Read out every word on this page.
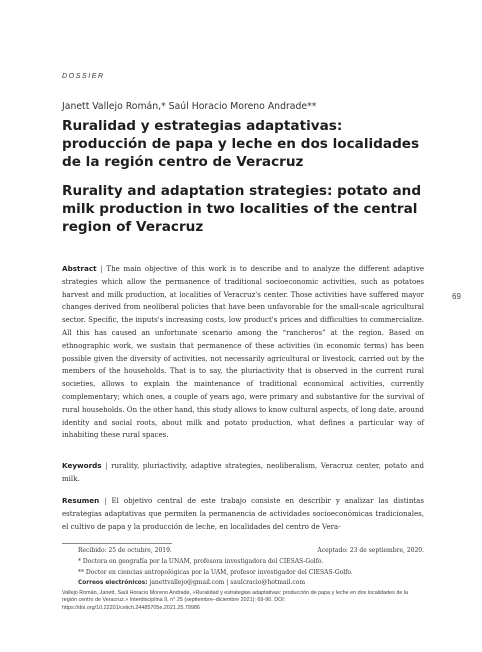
DOSSIER
Janett Vallejo Román,* Saúl Horacio Moreno Andrade**
Ruralidad y estrategias adaptativas: producción de papa y leche en dos localidades de la región centro de Veracruz
Rurality and adaptation strategies: potato and milk production in two localities of the central region of Veracruz
69

Abstract | The main objective of this work is to describe and to analyze the different adaptive strategies which allow the permanence of traditional socioeconomic activities, such as potatoes harvest and milk production, at localities of Veracruz's center. Those activities have suffered mayor changes derived from neoliberal policies that have been unfavorable for the small-scale agricultural sector. Specific, the inputs's increasing costs, low product's prices and difficulties to commercialize. All this has caused an unfortunate scenario among the “rancheros” at the region. Based on ethnographic work, we sustain that permanence of these activities (in economic terms) has been possible given the diversity of activities, not necessarily agricultural or livestock, carried out by the members of the households. That is to say, the pluriactivity that is observed in the current rural societies, allows to explain the maintenance of traditional economical activities, currently complementary; which ones, a couple of years ago, were primary and substantive for the survival of rural households. On the other hand, this study allows to know cultural aspects, of long date, around identity and social roots, about milk and potato production, what defines a particular way of inhabiting these rural spaces.

Keywords | rurality, pluriactivity, adaptive strategies, neoliberalism, Veracruz center, potato and milk.

Resumen | El objetivo central de este trabajo consiste en describir y analizar las distintas estrategias adaptativas que permiten la permanencia de actividades socioeconómicas tradicionales, el cultivo de papa y la producción de leche, en localidades del centro de Vera-

Recibido: 25 de octubre, 2019.	Aceptado: 23 de septiembre, 2020.
* Doctora en geografía por la UNAM, profesora investigadora del CIESAS-Golfo.
** Doctor en ciencias antropológicas por la UAM, profesor investigador del CIESAS-Golfo.
Correos electrónicos: janettvallejo@gmail.com | saulcracio@hotmail.com
Vallejo Román, Janett, Saúl Horacio Moreno Andrade, «Ruralidad y estrategias adaptativas: producción de papa y leche en dos localidades de la región centro de Veracruz.» Interdisciplina 9, n° 25 (septiembre–diciembre 2021): 69-90. DOI: https://doi.org/10.22201/ceiich.24485705e.2021.25.79986
